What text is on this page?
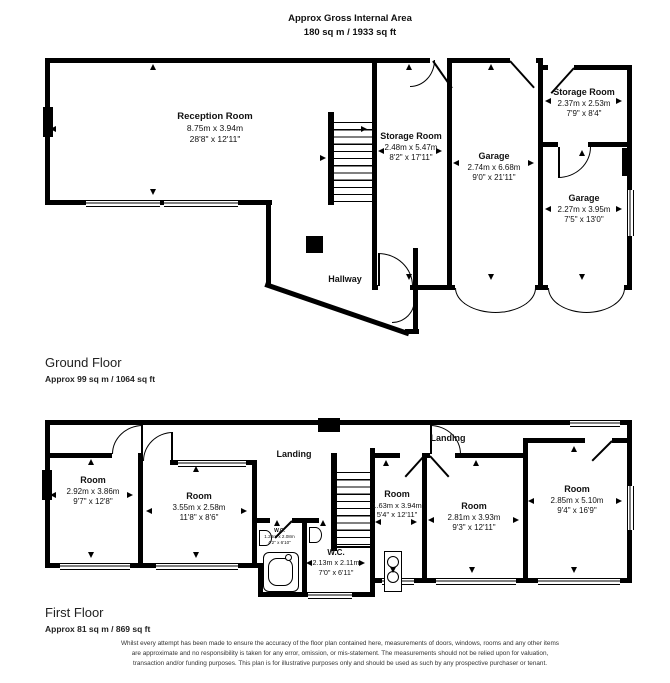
Approx Gross Internal Area
180 sq m / 1933 sq ft
Reception Room
8.75m x 3.94m
28'8" x 12'11"	Storage Room
2.48m x 5.47m
8'2" x 17'11"	Garage
2.74m x 6.68m
9'0" x 21'11"
Storage Room
2.37m x 2.53m
7'9" x 8'4"
Garage
2.27m x 3.95m
7'5" x 13'0"
Hallway
Ground Floor
Approx 99 sq m / 1064 sq ft
Room
2.92m x 3.86m
9'7" x 12'8"
Room
3.55m x 2.58m
11'8" x 8'6"
Landing
Landing
W.C.
1.28m x 2.08m
4'2" x 6'10"
W.C.
2.13m x 2.11m
7'0" x 6'11"
Room
1.63m x 3.94m
5'4" x 12'11"
Room
2.81m x 3.93m
9'3" x 12'11"
Room
2.85m x 5.10m
9'4" x 16'9"
First Floor
Approx 81 sq m / 869 sq ft
Whilst every attempt has been made to ensure the accuracy of the floor plan contained here, measurements of doors, windows, rooms and any other items are approximate and no responsibility is taken for any error, omission, or mis-statement. The measurements should not be relied upon for valuation, transaction and/or funding purposes. This plan is for illustrative purposes only and should be used as such by any prospective purchaser or tenant.
